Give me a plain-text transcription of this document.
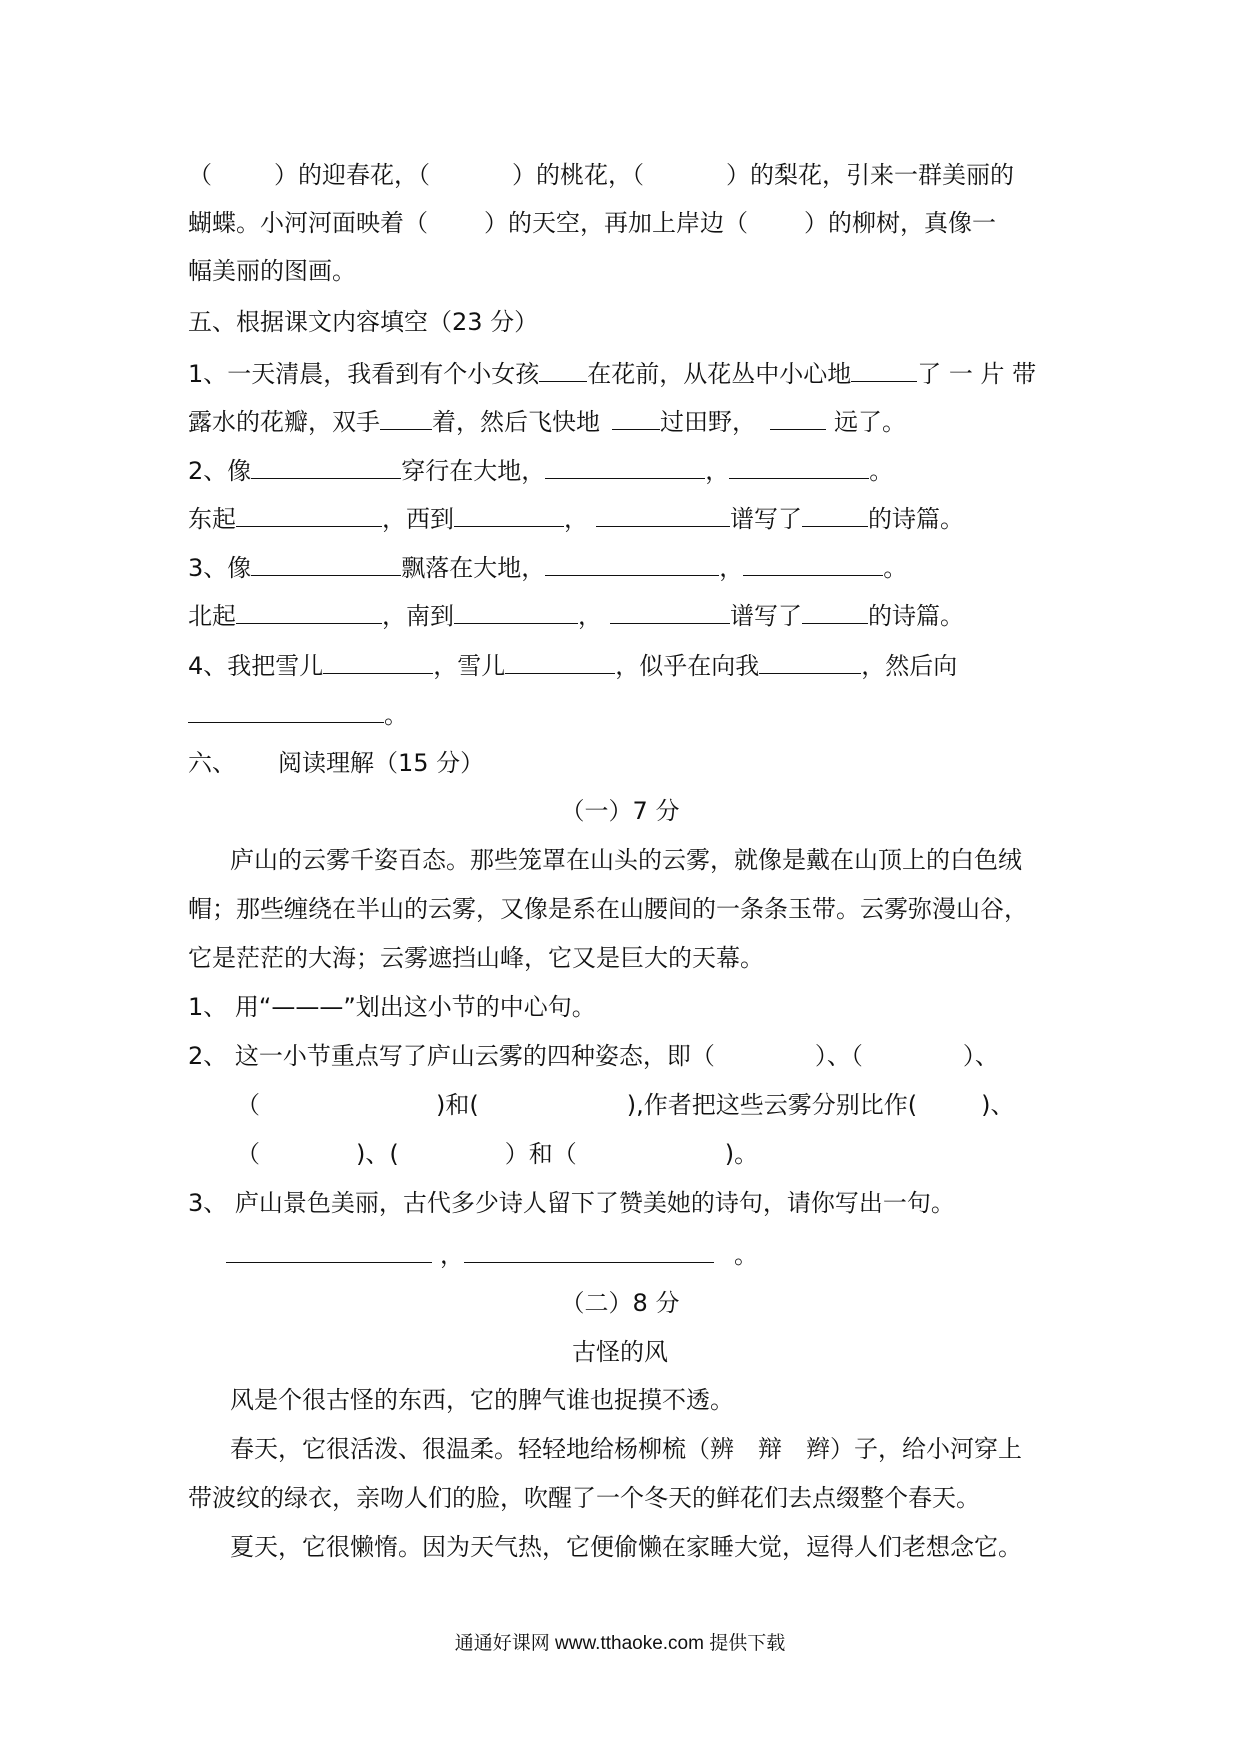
（	）的迎春花，（	）的桃花，（	）的梨花，引来一群美丽的
蝴蝶。小河河面映着（ ）的天空，再加上岸边（ ）的柳树，真像一
幅美丽的图画。
五、根据课文内容填空（23 分）
1、一天清晨，我看到有个小女孩 在花前，从花丛中小心地	了 一 片 带
露水的花瓣，双手 着，然后飞快地	过田野，	远了。
2、像	穿行在大地，	，	。
东起	，西到	，	谱写了	的诗篇。
3、像	飘落在大地，	，	。
北起	，南到	，	谱写了	的诗篇。
4、我把雪儿	，雪儿	，似乎在向我	，然后向
。
六、 阅读理解（15 分）
（一）7 分
庐山的云雾千姿百态。那些笼罩在山头的云雾，就像是戴在山顶上的白色绒
帽；那些缠绕在半山的云雾，又像是系在山腰间的一条条玉带。云雾弥漫山谷，
它是茫茫的大海；云雾遮挡山峰，它又是巨大的天幕。
1、 用“———”划出这小节的中心句。
2、 这一小节重点写了庐山云雾的四种姿态，即（	）、（	）、
（	)和(	),作者把这些云雾分别比作(	)、
（	)、(	）和（	)。
3、 庐山景色美丽，古代多少诗人留下了赞美她的诗句，请你写出一句。
，	。
（二）8 分
古怪的风
风是个很古怪的东西，它的脾气谁也捉摸不透。
春天，它很活泼、很温柔。轻轻地给杨柳梳（辨　辩　辫）子，给小河穿上
带波纹的绿衣，亲吻人们的脸，吹醒了一个冬天的鲜花们去点缀整个春天。
夏天，它很懒惰。因为天气热，它便偷懒在家睡大觉，逗得人们老想念它。
通通好课网 www.tthaoke.com 提供下载
